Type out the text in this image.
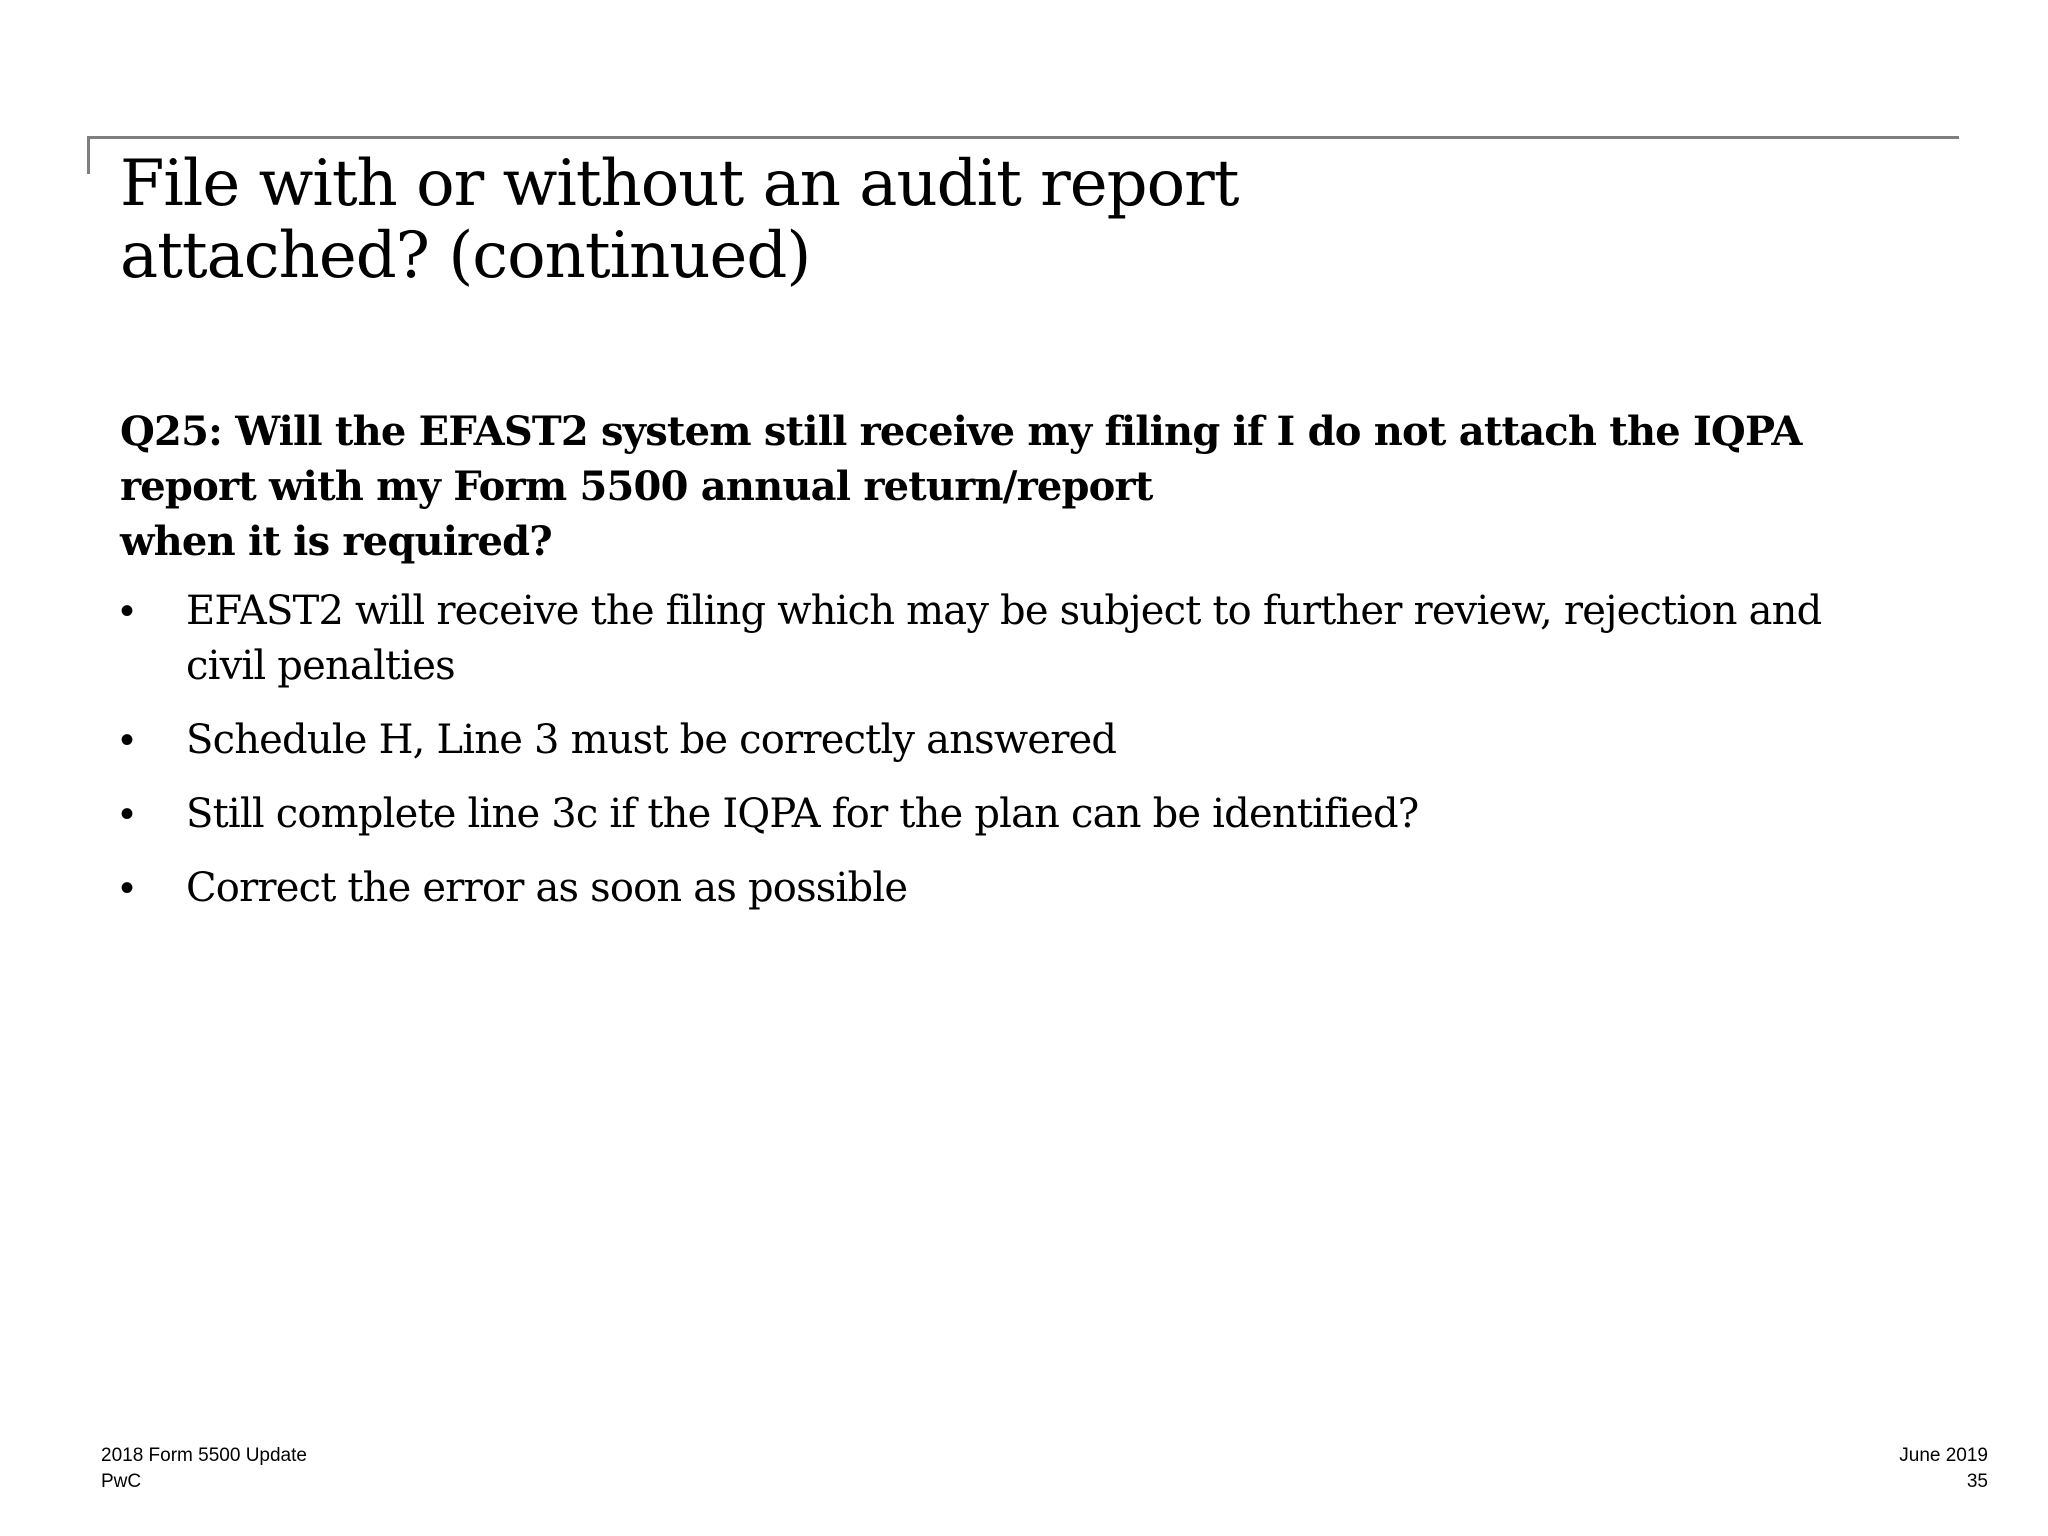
File with or without an audit report
attached? (continued)

Q25: Will the EFAST2 system still receive my filing if I do not attach the IQPA
report with my Form 5500 annual return/report
when it is required?

• EFAST2 will receive the filing which may be subject to further review, rejection and
civil penalties
• Schedule H, Line 3 must be correctly answered
• Still complete line 3c if the IQPA for the plan can be identified?
• Correct the error as soon as possible
2018 Form 5500 Update
PwC
June 2019
35
